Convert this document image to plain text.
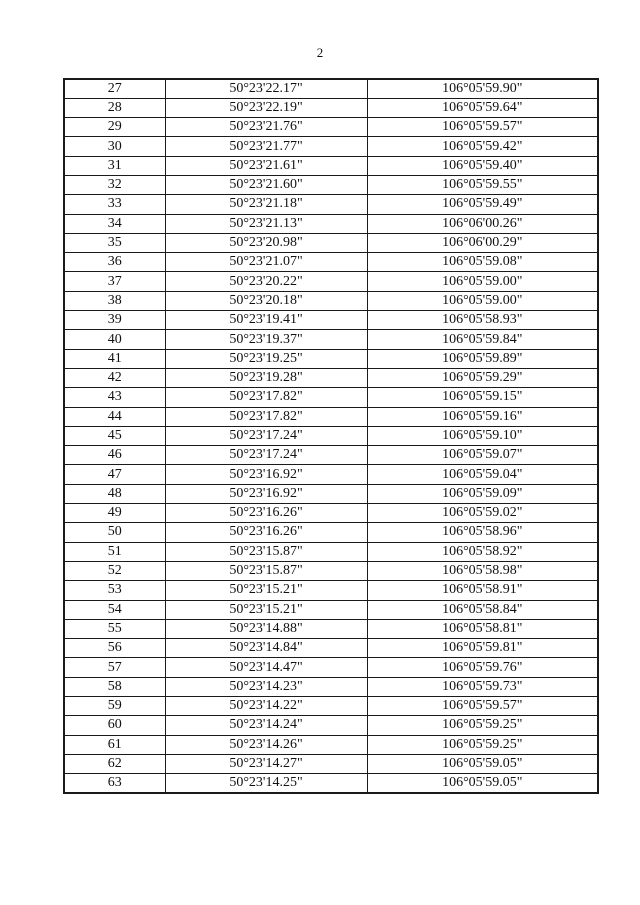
2
27	50°23'22.17"	106°05'59.90"
28	50°23'22.19"	106°05'59.64"
29	50°23'21.76"	106°05'59.57"
30	50°23'21.77"	106°05'59.42"
31	50°23'21.61"	106°05'59.40"
32	50°23'21.60"	106°05'59.55"
33	50°23'21.18"	106°05'59.49"
34	50°23'21.13"	106°06'00.26"
35	50°23'20.98"	106°06'00.29"
36	50°23'21.07"	106°05'59.08"
37	50°23'20.22"	106°05'59.00"
38	50°23'20.18"	106°05'59.00"
39	50°23'19.41"	106°05'58.93"
40	50°23'19.37"	106°05'59.84"
41	50°23'19.25"	106°05'59.89"
42	50°23'19.28"	106°05'59.29"
43	50°23'17.82"	106°05'59.15"
44	50°23'17.82"	106°05'59.16"
45	50°23'17.24"	106°05'59.10"
46	50°23'17.24"	106°05'59.07"
47	50°23'16.92"	106°05'59.04"
48	50°23'16.92"	106°05'59.09"
49	50°23'16.26"	106°05'59.02"
50	50°23'16.26"	106°05'58.96"
51	50°23'15.87"	106°05'58.92"
52	50°23'15.87"	106°05'58.98"
53	50°23'15.21"	106°05'58.91"
54	50°23'15.21"	106°05'58.84"
55	50°23'14.88"	106°05'58.81"
56	50°23'14.84"	106°05'59.81"
57	50°23'14.47"	106°05'59.76"
58	50°23'14.23"	106°05'59.73"
59	50°23'14.22"	106°05'59.57"
60	50°23'14.24"	106°05'59.25"
61	50°23'14.26"	106°05'59.25"
62	50°23'14.27"	106°05'59.05"
63	50°23'14.25"	106°05'59.05"
